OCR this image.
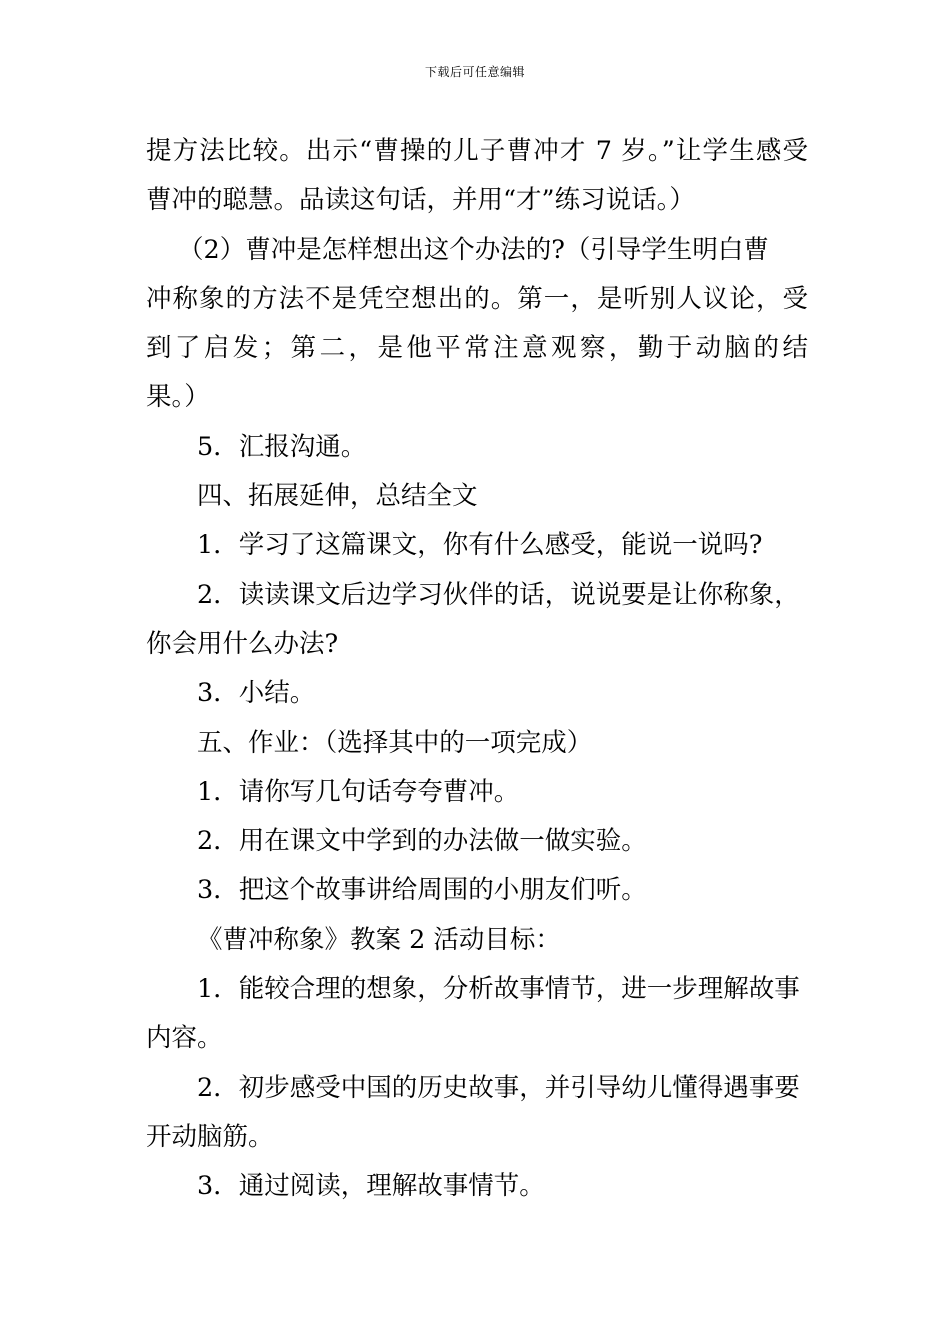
下载后可任意编辑

提方法比较。出示“曹操的儿子曹冲才 7 岁。”让学生感受

曹冲的聪慧。品读这句话，并用“才”练习说话。）

（2）曹冲是怎样想出这个办法的?（引导学生明白曹

冲称象的方法不是凭空想出的。第一，是听别人议论，受

到了启发；第二，是他平常注意观察，勤于动脑的结

果。）

5．汇报沟通。

四、拓展延伸，总结全文

1．学习了这篇课文，你有什么感受，能说一说吗?

2．读读课文后边学习伙伴的话，说说要是让你称象，

你会用什么办法?

3．小结。

五、作业：（选择其中的一项完成）

1．请你写几句话夸夸曹冲。

2．用在课文中学到的办法做一做实验。

3．把这个故事讲给周围的小朋友们听。

《曹冲称象》教案 2 活动目标：

1．能较合理的想象，分析故事情节，进一步理解故事

内容。

2．初步感受中国的历史故事，并引导幼儿懂得遇事要

开动脑筋。

3．通过阅读，理解故事情节。
